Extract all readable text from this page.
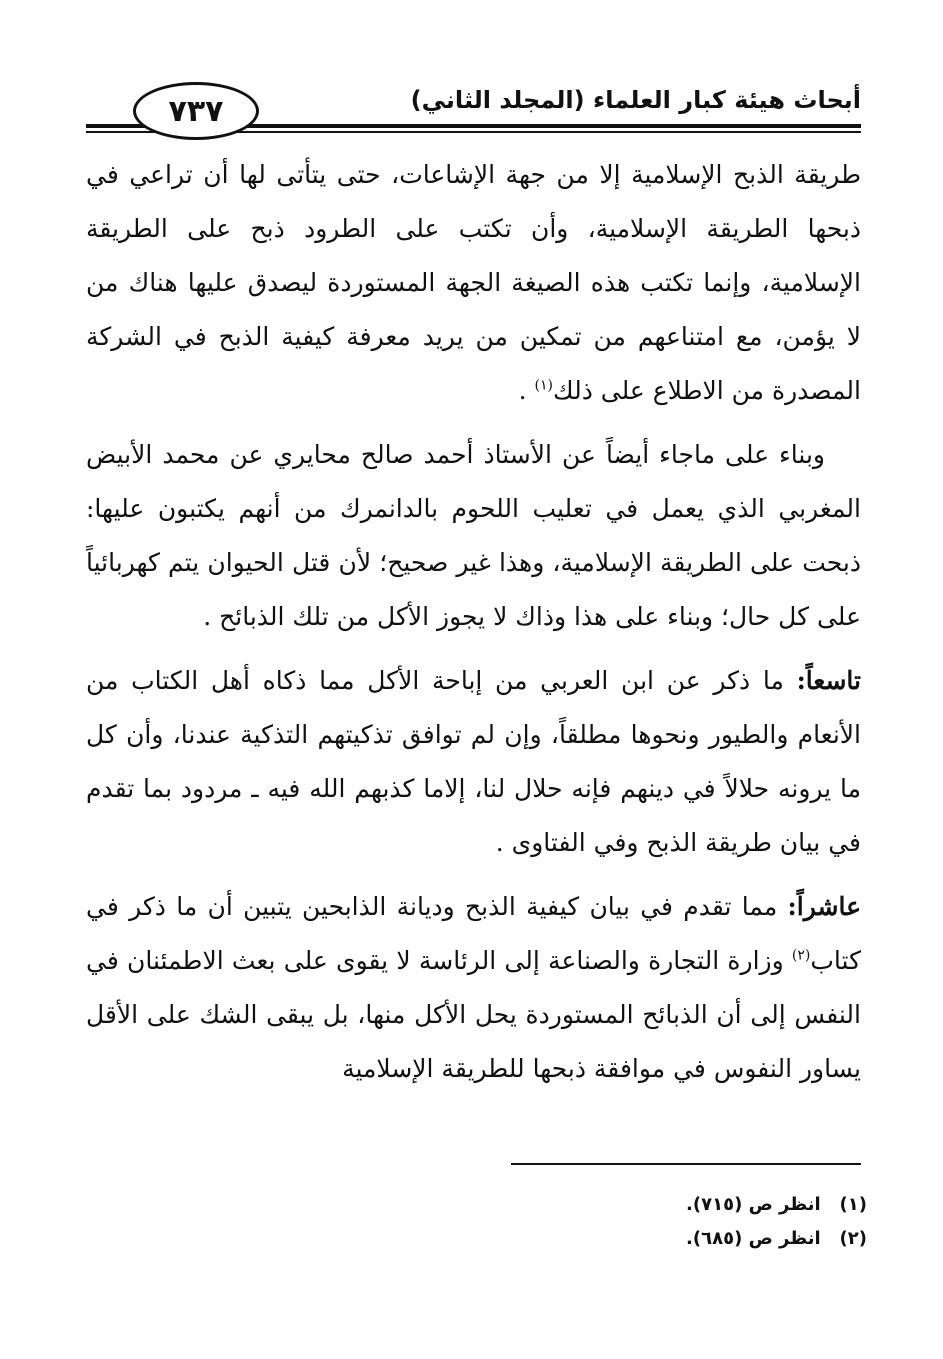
أبحاث هيئة كبار العلماء (المجلد الثاني)
٧٣٧

طريقة الذبح الإسلامية إلا من جهة الإشاعات، حتى يتأتى لها أن تراعي في ذبحها الطريقة الإسلامية، وأن تكتب على الطرود ذبح على الطريقة الإسلامية، وإنما تكتب هذه الصيغة الجهة المستوردة ليصدق عليها هناك من لا يؤمن، مع امتناعهم من تمكين من يريد معرفة كيفية الذبح في الشركة المصدرة من الاطلاع على ذلك$^{(١)}$ .

وبناء على ماجاء أيضاً عن الأستاذ أحمد صالح محايري عن محمد الأبيض المغربي الذي يعمل في تعليب اللحوم بالدانمرك من أنهم يكتبون عليها: ذبحت على الطريقة الإسلامية، وهذا غير صحيح؛ لأن قتل الحيوان يتم كهربائياً على كل حال؛ وبناء على هذا وذاك لا يجوز الأكل من تلك الذبائح .

تاسعاً: ما ذكر عن ابن العربي من إباحة الأكل مما ذكاه أهل الكتاب من الأنعام والطيور ونحوها مطلقاً، وإن لم توافق تذكيتهم التذكية عندنا، وأن كل ما يرونه حلالاً في دينهم فإنه حلال لنا، إلاما كذبهم الله فيه ـ مردود بما تقدم في بيان طريقة الذبح وفي الفتاوى .

عاشراً: مما تقدم في بيان كيفية الذبح وديانة الذابحين يتبين أن ما ذكر في كتاب$^{(٢)}$ وزارة التجارة والصناعة إلى الرئاسة لا يقوى على بعث الاطمئنان في النفس إلى أن الذبائح المستوردة يحل الأكل منها، بل يبقى الشك على الأقل يساور النفوس في موافقة ذبحها للطريقة الإسلامية

(١) انظر ص (٧١٥).
(٢) انظر ص (٦٨٥).
